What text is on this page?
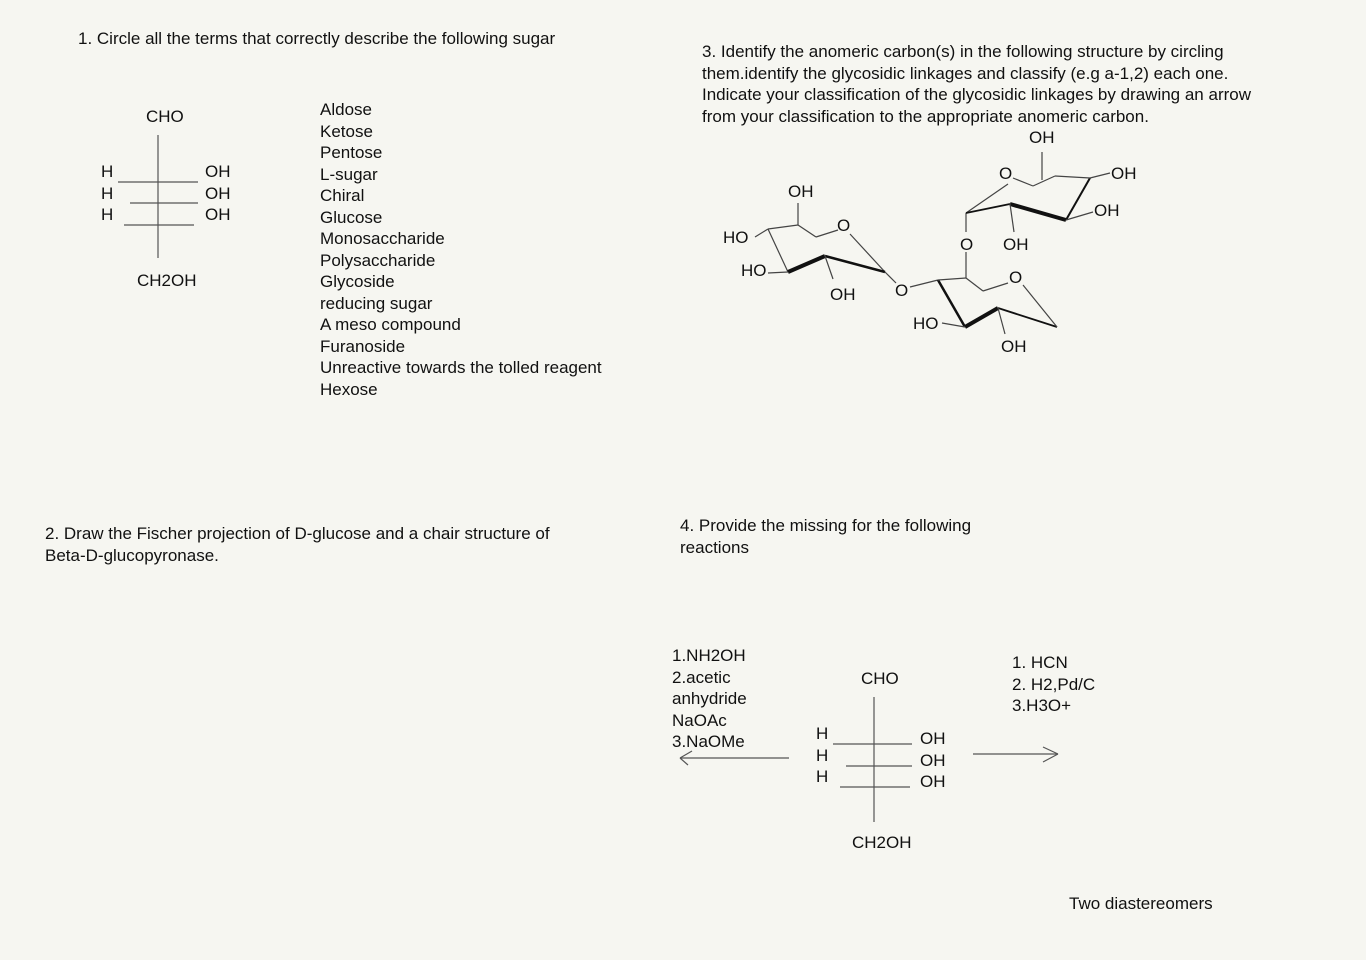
1. Circle all the terms that correctly describe the following sugar

CHO
CH2OH
H
H
H
OH
OH
OH
Aldose
Ketose
Pentose
L-sugar
Chiral
Glucose
Monosaccharide
Polysaccharide
Glycoside
reducing sugar
A meso compound
Furanoside
Unreactive towards the tolled reagent
Hexose

2. Draw the Fischer projection of D-glucose and a chair structure of Beta-D-glucopyronase.

3. Identify the anomeric carbon(s) in the following structure by circling them.identify the glycosidic linkages and classify (e.g a-1,2) each one. Indicate your classification of the glycosidic linkages by drawing an arrow from your classification to the appropriate anomeric carbon.

OH
O	OH
OH
OH
O
HO
HO
OH O
O OH
O
HO
OH

4. Provide the missing for the following reactions

1.NH2OH
2.acetic
anhydride
NaOAc
3.NaOMe
1. HCN
2. H2,Pd/C
3.H3O+
CHO
CH2OH
H
H
H
OH
OH
OH
Two diastereomers
